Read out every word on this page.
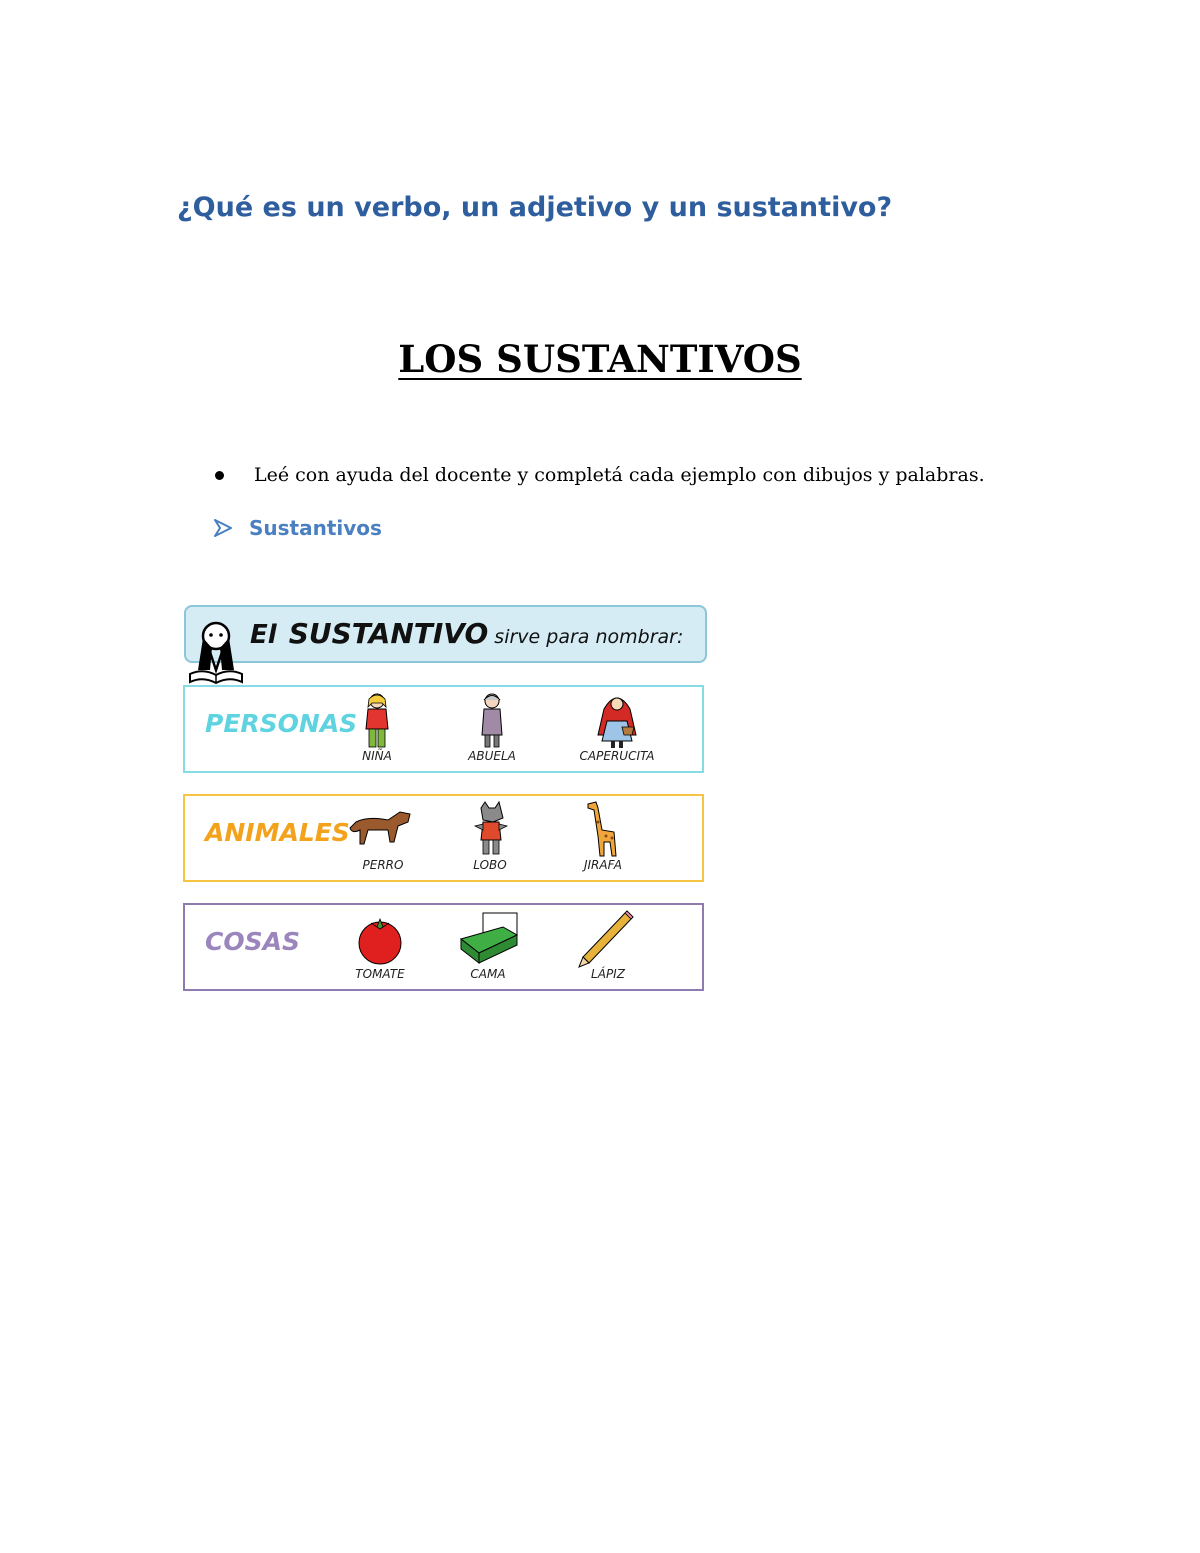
¿Qué es un verbo, un adjetivo y un sustantivo?
LOS SUSTANTIVOS
Leé con ayuda del docente y completá cada ejemplo con dibujos y palabras.
Sustantivos
El SUSTANTIVO sirve para nombrar:
PERSONAS
NIÑA	ABUELA	CAPERUCITA
ANIMALES
PERRO	LOBO	JIRAFA
COSAS
TOMATE	CAMA	LÁPIZ
